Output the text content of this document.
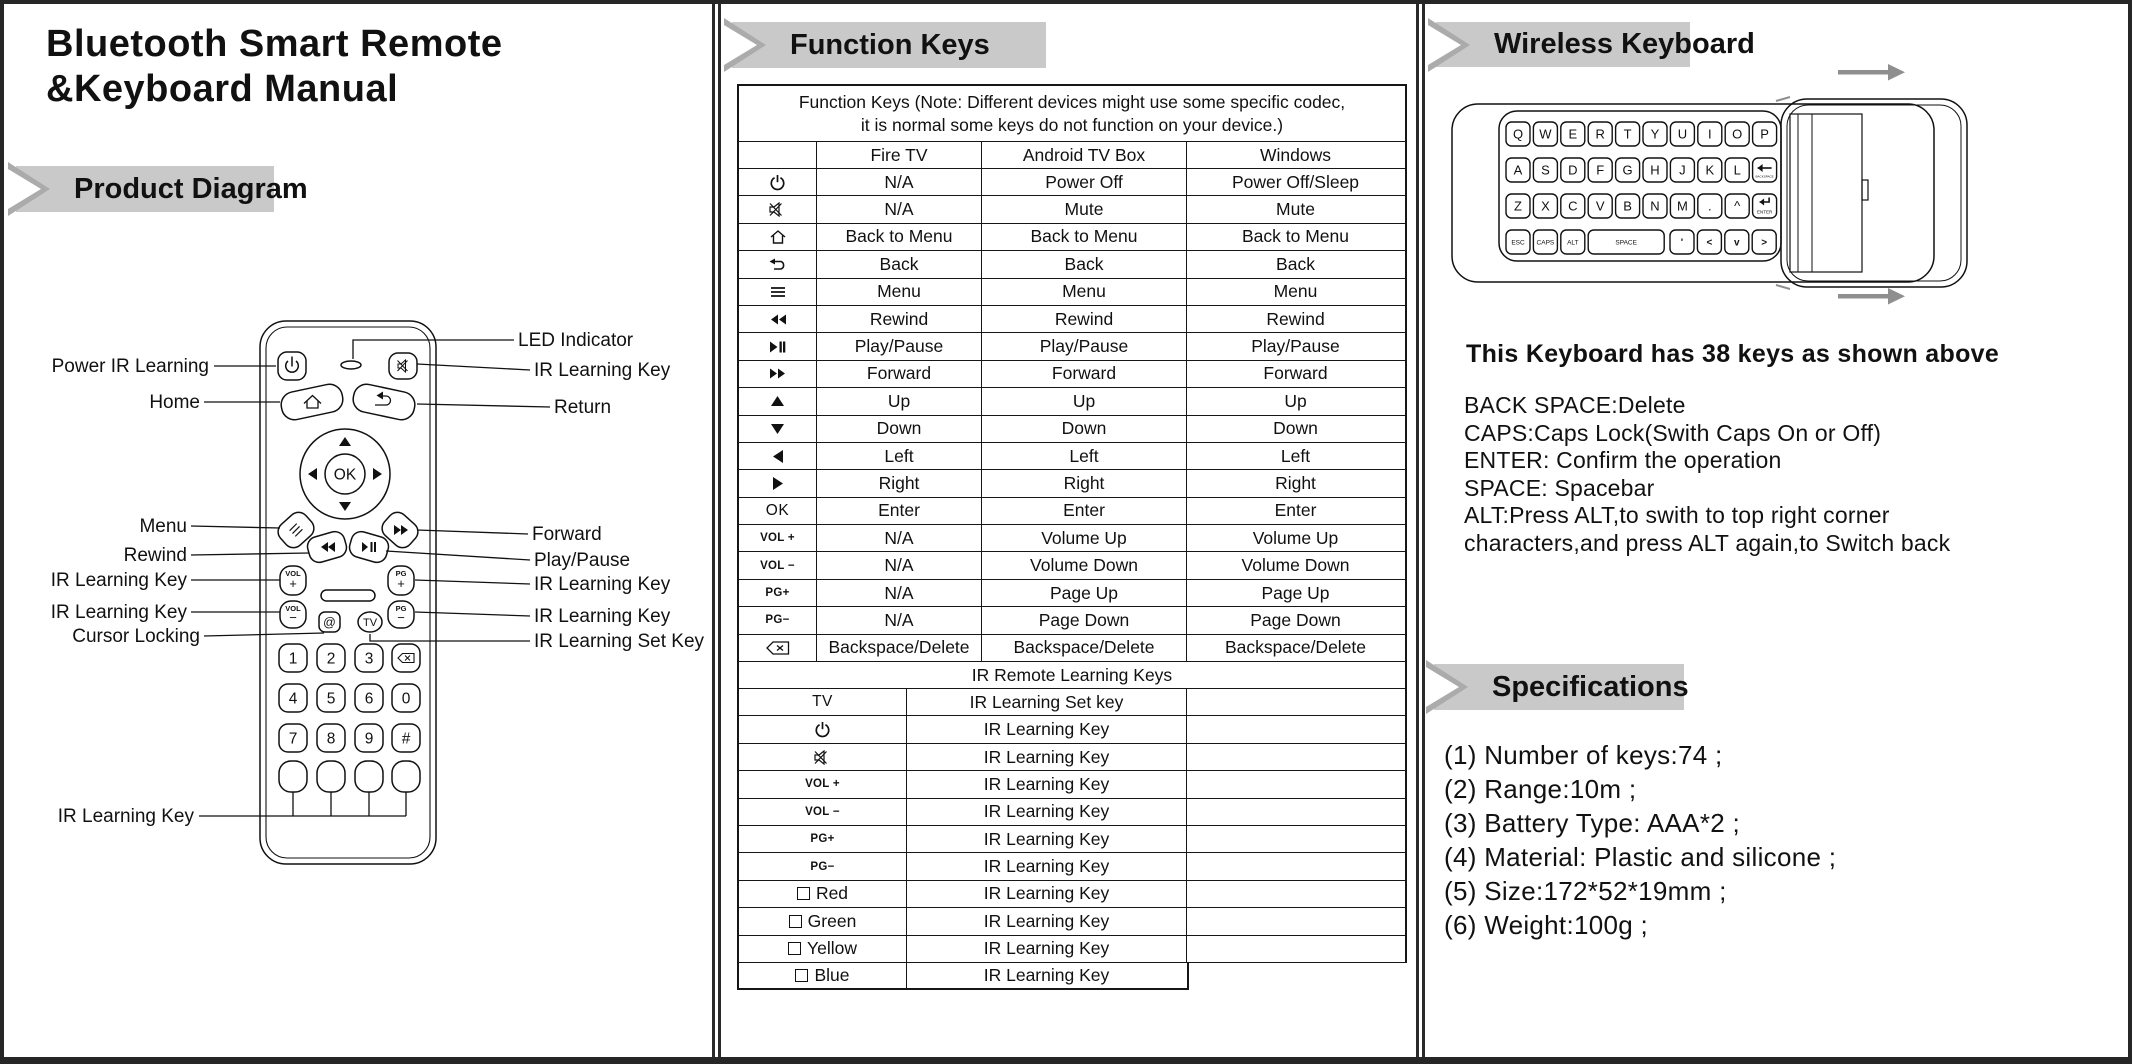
Bluetooth Smart Remote
&Keyboard Manual
Product Diagram
1 2 3
4 5 6 0
7 8 9 #
Power IR Learning
Home
Menu
Rewind
IR Learning Key
IR Learning Key
Cursor Locking
IR Learning Key
LED Indicator
IR Learning Key
Return
Forward
Play/Pause
IR Learning Key
IR Learning Key
IR Learning Set Key
OK
VOL
+
VOL
−
PG
+
PG
−
@ TV
Function Keys
Function Keys (Note: Different devices might use some specific codec,
it is normal some keys do not function on your device.)
Fire TV	Android TV Box	Windows
N/A	Power Off	Power Off/Sleep
N/A	Mute	Mute
Back to Menu	Back to Menu	Back to Menu
Back	Back	Back
Menu	Menu	Menu
Rewind	Rewind	Rewind
Play/Pause	Play/Pause	Play/Pause
Forward	Forward	Forward
Up	Up	Up
Down	Down	Down
Left	Left	Left
Right	Right	Right
OK	Enter	Enter	Enter
VOL +	N/A	Volume Up	Volume Up
VOL −	N/A	Volume Down	Volume Down
PG+	N/A	Page Up	Page Up
PG−	N/A	Page Down	Page Down
Backspace/Delete	Backspace/Delete	Backspace/Delete
IR Remote Learning Keys
TV	IR Learning Set key
IR Learning Key
IR Learning Key
VOL +	IR Learning Key
VOL −	IR Learning Key
PG+	IR Learning Key
PG−	IR Learning Key
Red	IR Learning Key
Green	IR Learning Key
Yellow	IR Learning Key
Blue	IR Learning Key
Wireless Keyboard
Q W E R T Y U I O P
A S D F G H J K L	BACKSPACE
Z X C V B N M . ^	ENTER
ESC CAPS ALT	SPACE	' < v >
This Keyboard has 38 keys as shown above
BACK SPACE:Delete
CAPS:Caps Lock(Swith Caps On or Off)
ENTER: Confirm the operation
SPACE: Spacebar
ALT:Press ALT,to swith to top right corner
characters,and press ALT again,to Switch back
Specifications
(1) Number of keys:74 ;
(2) Range:10m ;
(3) Battery Type: AAA*2 ;
(4) Material: Plastic and silicone ;
(5) Size:172*52*19mm ;
(6) Weight:100g ;
